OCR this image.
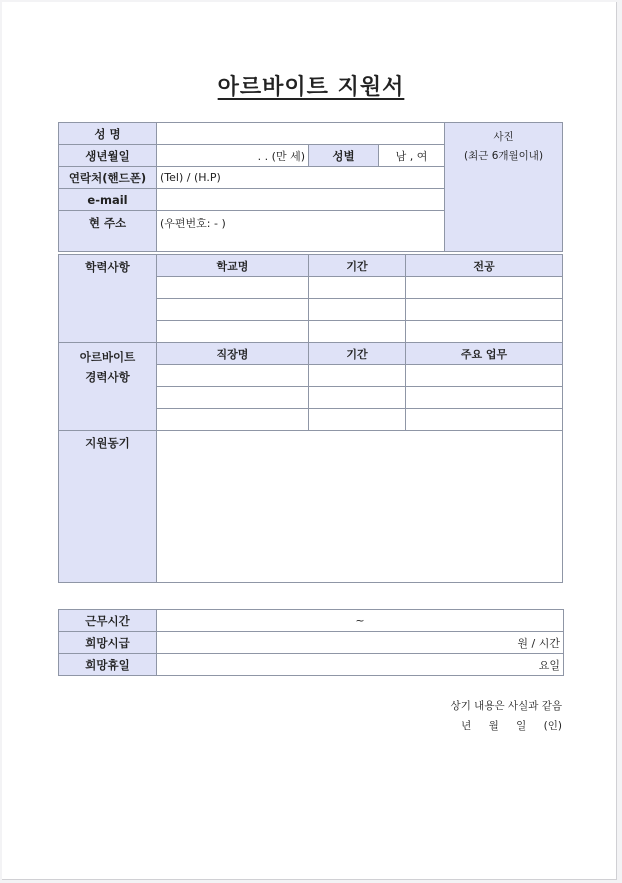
아르바이트 지원서
성 명				사진
(최근 6개월이내)

생년월일	. . (만 세)	성별	남 , 여	
연락처(핸드폰)	(Tel) / (H.P)			
e-mail				
현 주소	(우편번호: - )			
학력사항	학교명	기간	전공

아르바이트
경력사항	직장명	기간	주요 업무

지원동기			
근무시간	~
희망시급	원 / 시간
희망휴일	요일
상기 내용은 사실과 같음
년 월 일 (인)
